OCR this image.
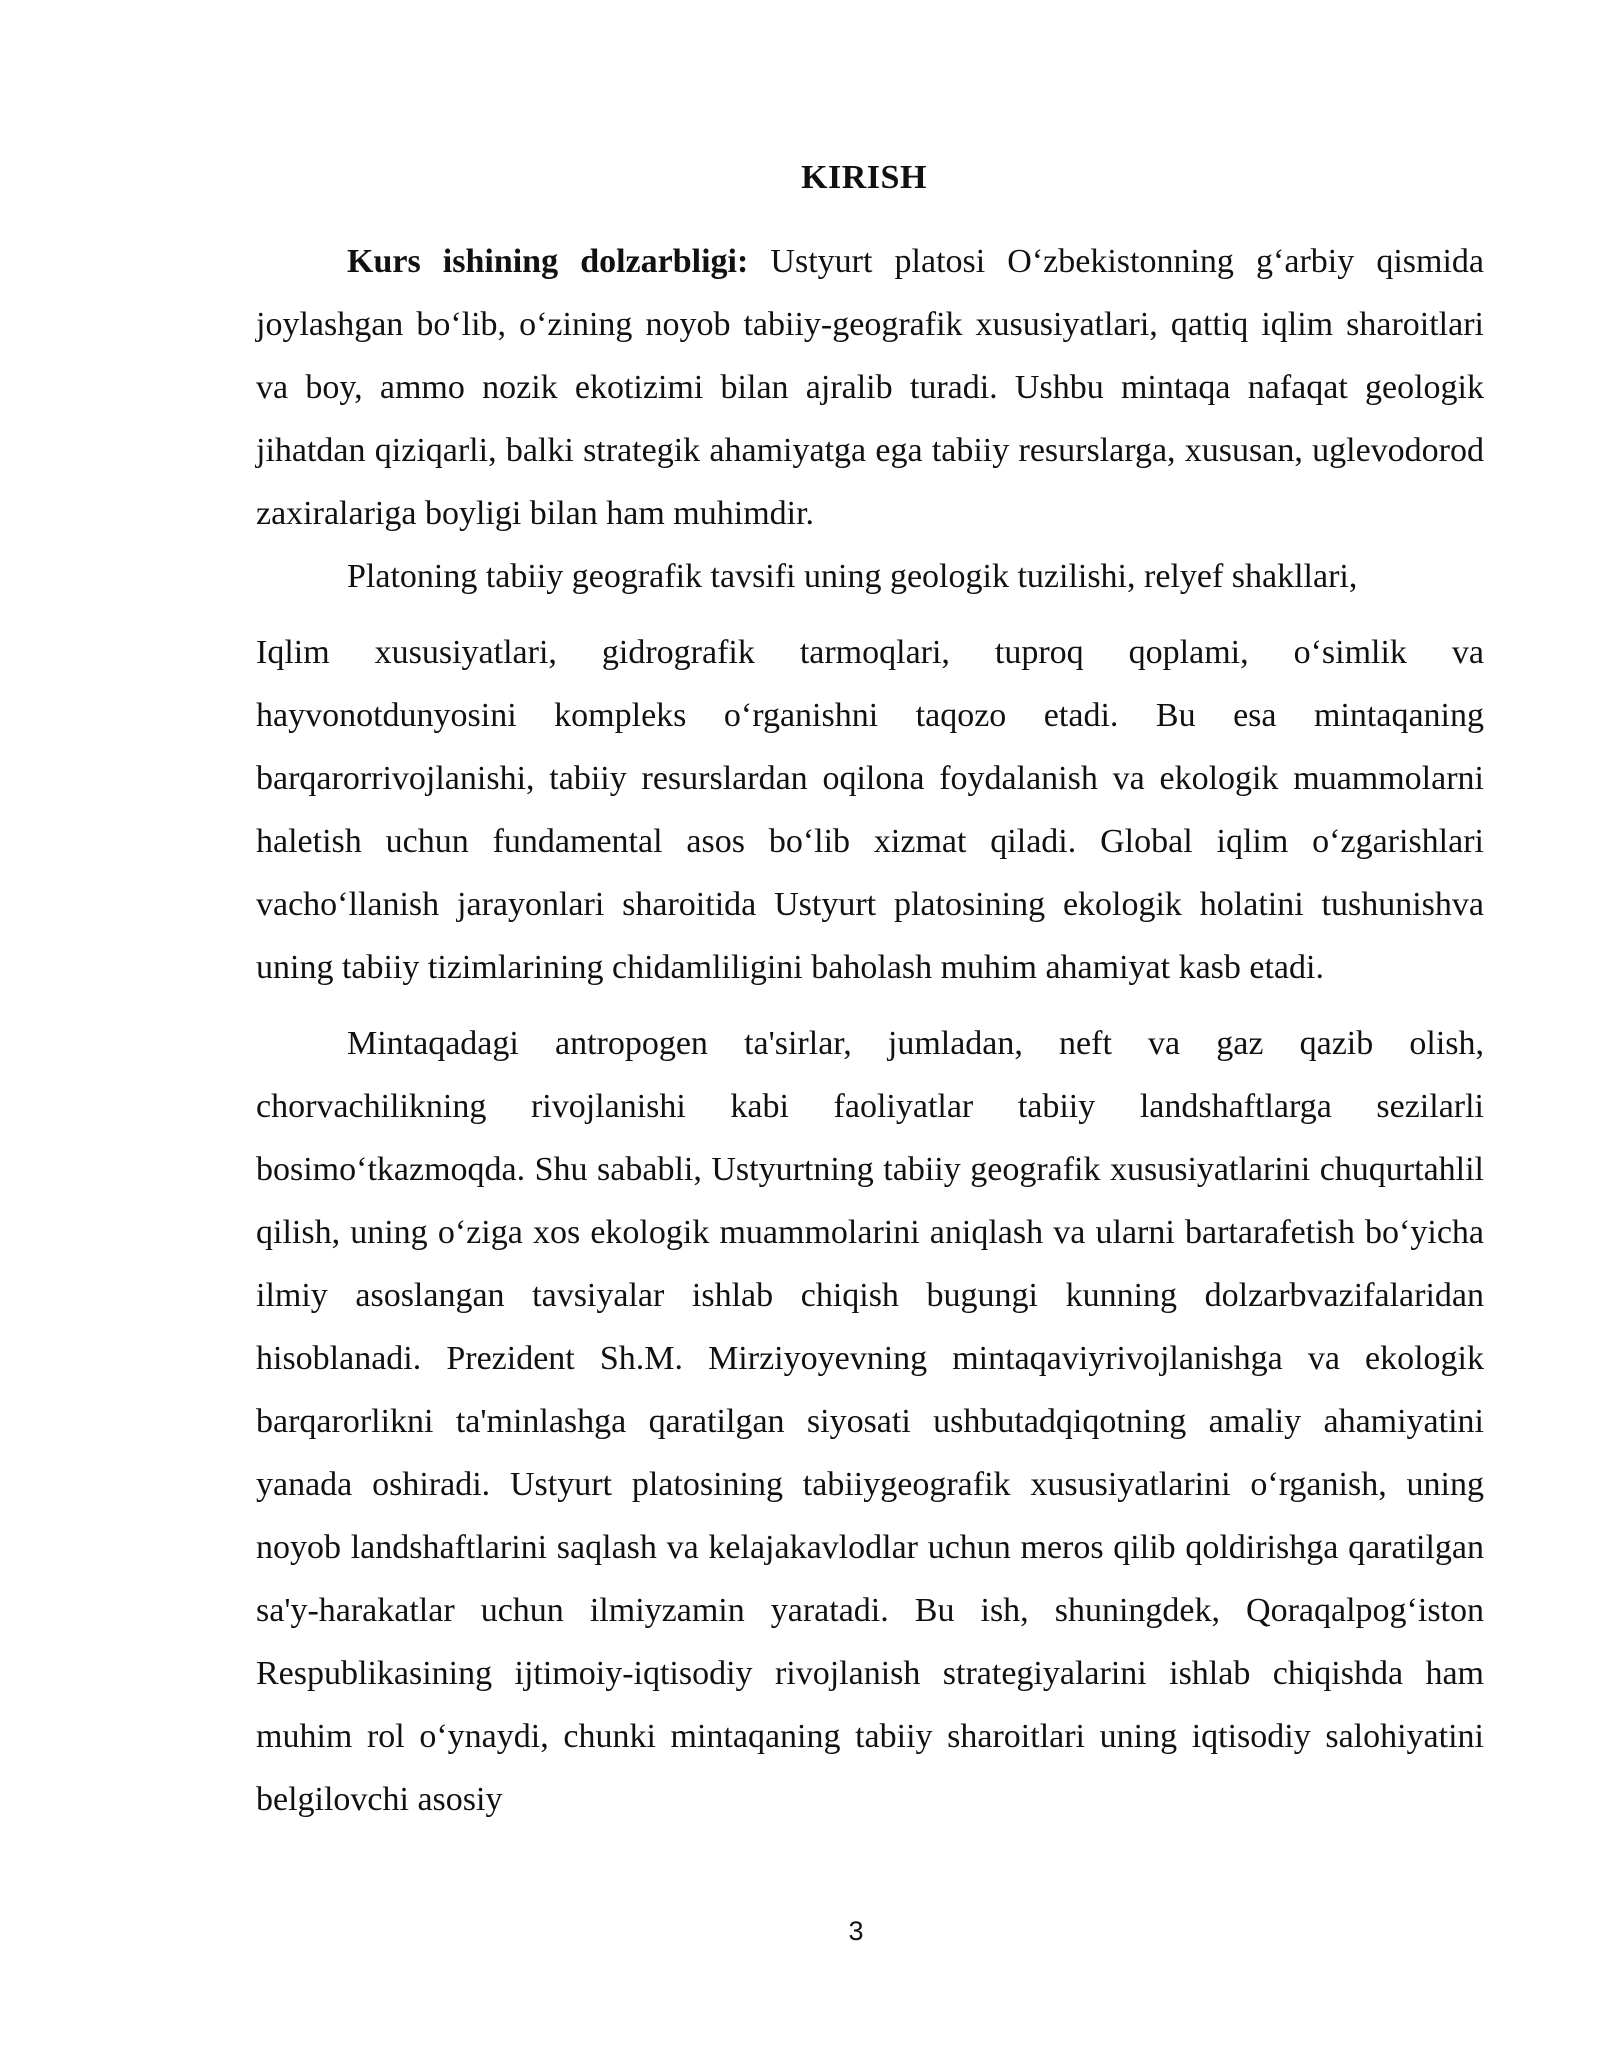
KIRISH

Kurs ishining dolzarbligi: Ustyurt platosi O‘zbekistonning g‘arbiy qismida joylashgan bo‘lib, o‘zining noyob tabiiy-geografik xususiyatlari, qattiq iqlim sharoitlari va boy, ammo nozik ekotizimi bilan ajralib turadi. Ushbu mintaqa nafaqat geologik jihatdan qiziqarli, balki strategik ahamiyatga ega tabiiy resurslarga, xususan, uglevodorod zaxiralariga boyligi bilan ham muhimdir.

Platoning tabiiy geografik tavsifi uning geologik tuzilishi, relyef shakllari,

Iqlim xususiyatlari, gidrografik tarmoqlari, tuproq qoplami, o‘simlik va hayvonotdunyosini kompleks o‘rganishni taqozo etadi. Bu esa mintaqaning barqarorrivojlanishi, tabiiy resurslardan oqilona foydalanish va ekologik muammolarni haletish uchun fundamental asos bo‘lib xizmat qiladi. Global iqlim o‘zgarishlari vacho‘llanish jarayonlari sharoitida Ustyurt platosining ekologik holatini tushunishva uning tabiiy tizimlarining chidamliligini baholash muhim ahamiyat kasb etadi.

Mintaqadagi antropogen ta'sirlar, jumladan, neft va gaz qazib olish, chorvachilikning rivojlanishi kabi faoliyatlar tabiiy landshaftlarga sezilarli bosimo‘tkazmoqda. Shu sababli, Ustyurtning tabiiy geografik xususiyatlarini chuqurtahlil qilish, uning o‘ziga xos ekologik muammolarini aniqlash va ularni bartarafetish bo‘yicha ilmiy asoslangan tavsiyalar ishlab chiqish bugungi kunning dolzarbvazifalaridan hisoblanadi. Prezident Sh.M. Mirziyoyevning mintaqaviyrivojlanishga va ekologik barqarorlikni ta'minlashga qaratilgan siyosati ushbutadqiqotning amaliy ahamiyatini yanada oshiradi. Ustyurt platosining tabiiygeografik xususiyatlarini o‘rganish, uning noyob landshaftlarini saqlash va kelajakavlodlar uchun meros qilib qoldirishga qaratilgan sa'y-harakatlar uchun ilmiyzamin yaratadi. Bu ish, shuningdek, Qoraqalpog‘iston Respublikasining ijtimoiy-iqtisodiy rivojlanish strategiyalarini ishlab chiqishda ham muhim rol o‘ynaydi, chunki mintaqaning tabiiy sharoitlari uning iqtisodiy salohiyatini belgilovchi asosiy

3
